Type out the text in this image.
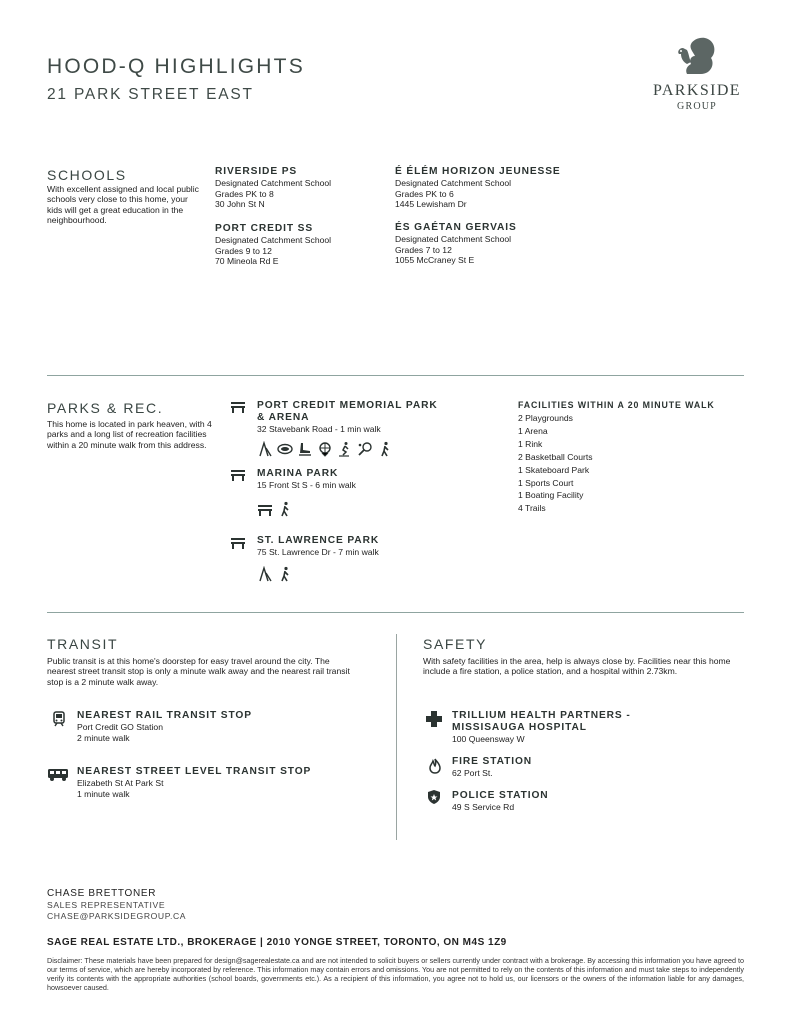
HOOD-Q HIGHLIGHTS
21 PARK STREET EAST	PARKSIDE
GROUP
SCHOOLS
With excellent assigned and local public schools very close to this home, your kids will get a great education in the neighbourhood.
RIVERSIDE PS
Designated Catchment School
Grades PK to 8
30 John St N
PORT CREDIT SS
Designated Catchment School
Grades 9 to 12
70 Mineola Rd E
É ÉLÉM HORIZON JEUNESSE
Designated Catchment School
Grades PK to 6
1445 Lewisham Dr
ÉS GAÉTAN GERVAIS
Designated Catchment School
Grades 7 to 12
1055 McCraney St E
PARKS & REC.
This home is located in park heaven, with 4 parks and a long list of recreation facilities within a 20 minute walk from this address.
PORT CREDIT MEMORIAL PARK
& ARENA
32 Stavebank Road - 1 min walk
MARINA PARK
15 Front St S - 6 min walk
ST. LAWRENCE PARK
75 St. Lawrence Dr - 7 min walk
FACILITIES WITHIN A 20 MINUTE WALK
2 Playgrounds
1 Arena
1 Rink
2 Basketball Courts
1 Skateboard Park
1 Sports Court
1 Boating Facility
4 Trails
TRANSIT
Public transit is at this home's doorstep for easy travel around the city. The nearest street transit stop is only a minute walk away and the nearest rail transit stop is a 2 minute walk away.
NEAREST RAIL TRANSIT STOP
Port Credit GO Station
2 minute walk
NEAREST STREET LEVEL TRANSIT STOP
Elizabeth St At Park St
1 minute walk
SAFETY
With safety facilities in the area, help is always close by. Facilities near this home include a fire station, a police station, and a hospital within 2.73km.
TRILLIUM HEALTH PARTNERS -
MISSISAUGA HOSPITAL
100 Queensway W
FIRE STATION
62 Port St.
POLICE STATION
49 S Service Rd
CHASE BRETTONER
SALES REPRESENTATIVE
CHASE@PARKSIDEGROUP.CA
SAGE REAL ESTATE LTD., BROKERAGE | 2010 YONGE STREET, TORONTO, ON M4S 1Z9
Disclaimer: These materials have been prepared for design@sagerealestate.ca and are not intended to solicit buyers or sellers currently under contract with a brokerage. By accessing this information you have agreed to our terms of service, which are hereby incorporated by reference. This information may contain errors and omissions. You are not permitted to rely on the contents of this information and must take steps to independently verify its contents with the appropriate authorities (school boards, governments etc.). As a recipient of this information, you agree not to hold us, our licensors or the owners of the information liable for any damages, howsoever caused.
